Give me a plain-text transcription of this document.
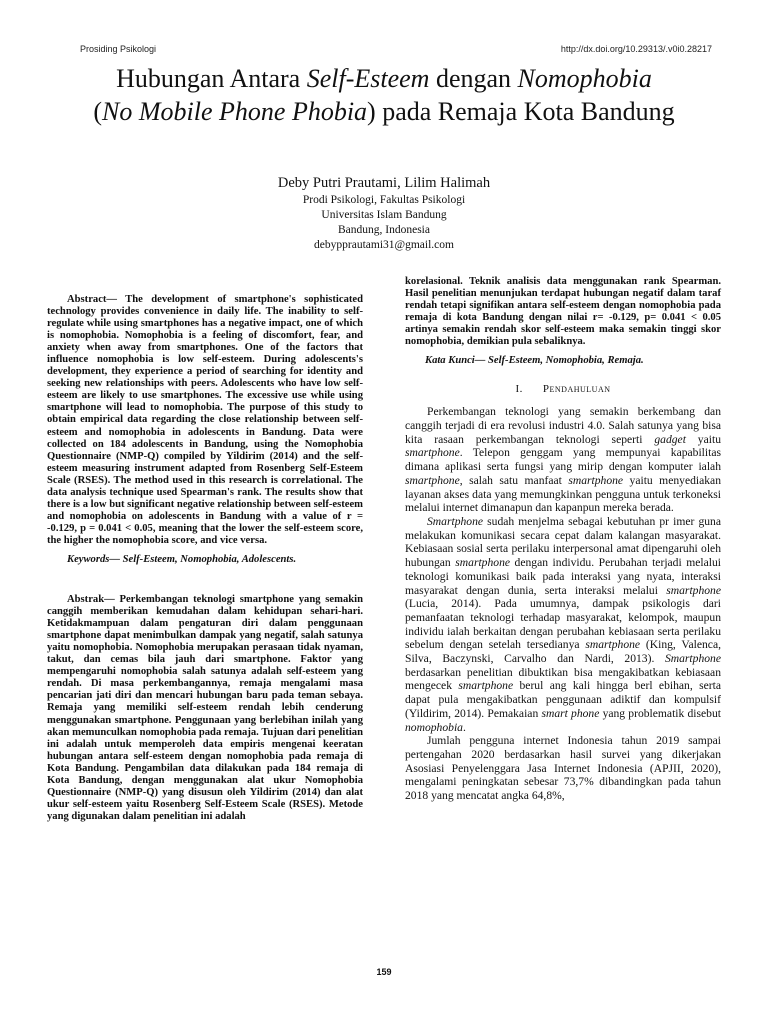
Prosiding Psikologi	http://dx.doi.org/10.29313/.v0i0.28217
Hubungan Antara Self-Esteem dengan Nomophobia
(No Mobile Phone Phobia) pada Remaja Kota Bandung
Deby Putri Prautami, Lilim Halimah
Prodi Psikologi, Fakultas Psikologi
Universitas Islam Bandung
Bandung, Indonesia
debypprautami31@gmail.com

Abstract— The development of smartphone's sophisticated technology provides convenience in daily life. The inability to self-regulate while using smartphones has a negative impact, one of which is nomophobia. Nomophobia is a feeling of discomfort, fear, and anxiety when away from smartphones. One of the factors that influence nomophobia is low self-esteem. During adolescents's development, they experience a period of searching for identity and seeking new relationships with peers. Adolescents who have low self-esteem are likely to use smartphones. The excessive use while using smartphone will lead to nomophobia. The purpose of this study to obtain empirical data regarding the close relationship between self-esteem and nomophobia in adolescents in Bandung. Data were collected on 184 adolescents in Bandung, using the Nomophobia Questionnaire (NMP-Q) compiled by Yildirim (2014) and the self-esteem measuring instrument adapted from Rosenberg Self-Esteem Scale (RSES). The method used in this research is correlational. The data analysis technique used Spearman's rank. The results show that there is a low but significant negative relationship between self-esteem and nomophobia on adolescents in Bandung with a value of r = -0.129, p = 0.041 < 0.05, meaning that the lower the self-esteem score, the higher the nomophobia score, and vice versa.

Keywords— Self-Esteem, Nomophobia, Adolescents.

Abstrak— Perkembangan teknologi smartphone yang semakin canggih memberikan kemudahan dalam kehidupan sehari-hari. Ketidakmampuan dalam pengaturan diri dalam penggunaan smartphone dapat menimbulkan dampak yang negatif, salah satunya yaitu nomophobia. Nomophobia merupakan perasaan tidak nyaman, takut, dan cemas bila jauh dari smartphone. Faktor yang mempengaruhi nomophobia salah satunya adalah self-esteem yang rendah. Di masa perkembangannya, remaja mengalami masa pencarian jati diri dan mencari hubungan baru pada teman sebaya. Remaja yang memiliki self-esteem rendah lebih cenderung menggunakan smartphone. Penggunaan yang berlebihan inilah yang akan memunculkan nomophobia pada remaja. Tujuan dari penelitian ini adalah untuk memperoleh data empiris mengenai keeratan hubungan antara self-esteem dengan nomophobia pada remaja di Kota Bandung. Pengambilan data dilakukan pada 184 remaja di Kota Bandung, dengan menggunakan alat ukur Nomophobia Questionnaire (NMP-Q) yang disusun oleh Yildirim (2014) dan alat ukur self-esteem yaitu Rosenberg Self-Esteem Scale (RSES). Metode yang digunakan dalam penelitian ini adalah

korelasional. Teknik analisis data menggunakan rank Spearman. Hasil penelitian menunjukan terdapat hubungan negatif dalam taraf rendah tetapi signifikan antara self-esteem dengan nomophobia pada remaja di kota Bandung dengan nilai r= -0.129, p= 0.041 < 0.05 artinya semakin rendah skor self-esteem maka semakin tinggi skor nomophobia, demikian pula sebaliknya.

Kata Kunci— Self-Esteem, Nomophobia, Remaja.

I. Pendahuluan

Perkembangan teknologi yang semakin berkembang dan canggih terjadi di era revolusi industri 4.0. Salah satunya yang bisa kita rasaan perkembangan teknologi seperti gadget yaitu smartphone. Telepon genggam yang mempunyai kapabilitas dimana aplikasi serta fungsi yang mirip dengan komputer ialah smartphone, salah satu manfaat smartphone yaitu menyediakan layanan akses data yang memungkinkan pengguna untuk terkoneksi melalui internet dimanapun dan kapanpun mereka berada.

Smartphone sudah menjelma sebagai kebutuhan pr imer guna melakukan komunikasi secara cepat dalam kalangan masyarakat. Kebiasaan sosial serta perilaku interpersonal amat dipengaruhi oleh hubungan smartphone dengan individu. Perubahan terjadi melalui teknologi komunikasi baik pada interaksi yang nyata, interaksi masyarakat dengan dunia, serta interaksi melalui smartphone (Lucia, 2014). Pada umumnya, dampak psikologis dari pemanfaatan teknologi terhadap masyarakat, kelompok, maupun individu ialah berkaitan dengan perubahan kebiasaan serta perilaku sebelum dengan setelah tersedianya smartphone (King, Valenca, Silva, Baczynski, Carvalho dan Nardi, 2013). Smartphone berdasarkan penelitian dibuktikan bisa mengakibatkan kebiasaan mengecek smartphone berul ang kali hingga berl ebihan, serta dapat pula mengakibatkan penggunaan adiktif dan kompulsif (Yildirim, 2014). Pemakaian smart phone yang problematik disebut nomophobia.

Jumlah pengguna internet Indonesia tahun 2019 sampai pertengahan 2020 berdasarkan hasil survei yang dikerjakan Asosiasi Penyelenggara Jasa Internet Indonesia (APJII, 2020), mengalami peningkatan sebesar 73,7% dibandingkan pada tahun 2018 yang mencatat angka 64,8%,

159
